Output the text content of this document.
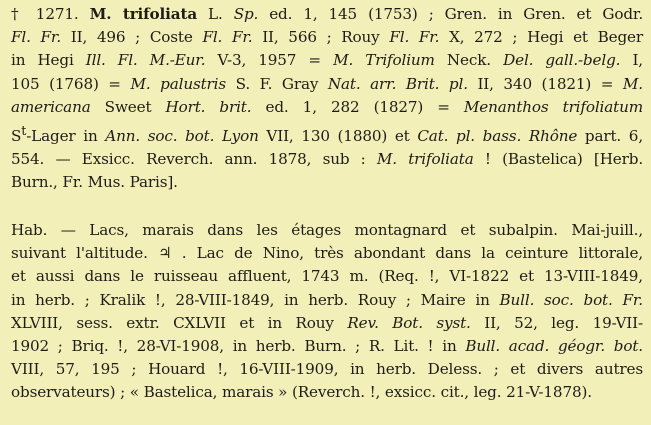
† 1271. M. trifoliata L. Sp. ed. 1, 145 (1753) ; Gren. in Gren. et Godr.
Fl. Fr. II, 496 ; Coste Fl. Fr. II, 566 ; Rouy Fl. Fr. X, 272 ; Hegi et Beger
in Hegi Ill. Fl. M.-Eur. V-3, 1957 = M. Trifolium Neck. Del. gall.-belg. I,
105 (1768) = M. palustris S. F. Gray Nat. arr. Brit. pl. II, 340 (1821) = M.
americana Sweet Hort. brit. ed. 1, 282 (1827) = Menanthos trifoliatum
$S^t$-Lager in Ann. soc. bot. Lyon VII, 130 (1880) et Cat. pl. bass. Rhône part. 6,
554. — Exsicc. Reverch. ann. 1878, sub : M. trifoliata ! (Bastelica) [Herb.
Burn., Fr. Mus. Paris].
Hab. — Lacs, marais dans les étages montagnard et subalpin. Mai-juill.,
suivant l'altitude. ♃ . Lac de Nino, très abondant dans la ceinture littorale,
et aussi dans le ruisseau affluent, 1743 m. (Req. !, VI-1822 et 13-VIII-1849,
in herb. ; Kralik !, 28-VIII-1849, in herb. Rouy ; Maire in Bull. soc. bot. Fr.
XLVIII, sess. extr. CXLVII et in Rouy Rev. Bot. syst. II, 52, leg. 19-VII-
1902 ; Briq. !, 28-VI-1908, in herb. Burn. ; R. Lit. ! in Bull. acad. géogr. bot.
VIII, 57, 195 ; Houard !, 16-VIII-1909, in herb. Deless. ; et divers autres
observateurs) ; « Bastelica, marais » (Reverch. !, exsicc. cit., leg. 21-V-1878).
